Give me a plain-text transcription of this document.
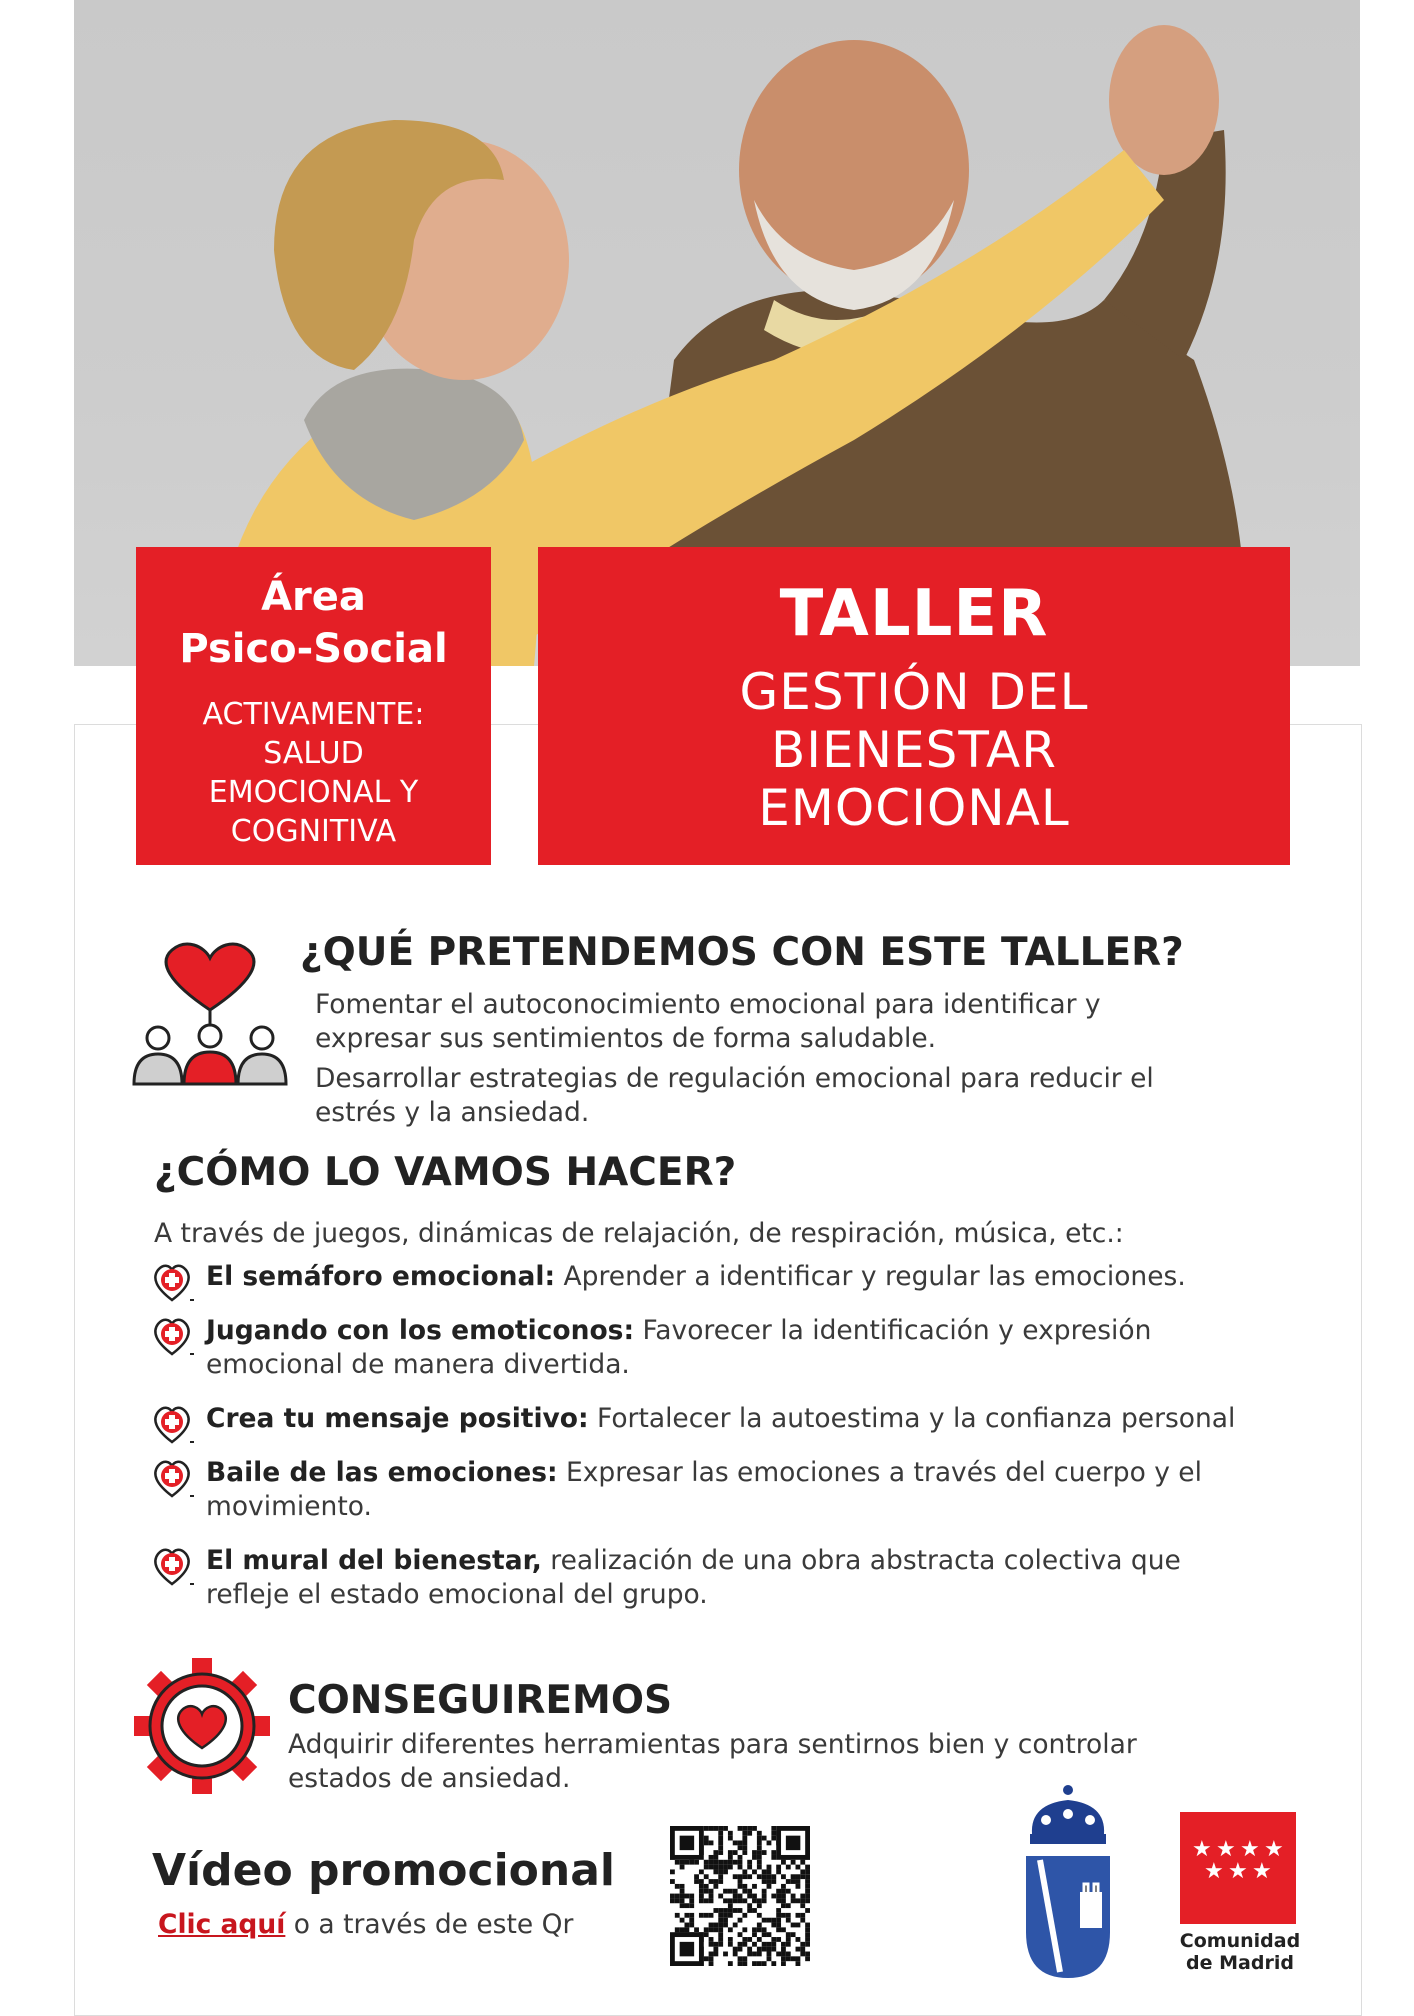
Área
Psico-Social
ACTIVAMENTE:
SALUD
EMOCIONAL Y
COGNITIVA
TALLER
GESTIÓN DEL
BIENESTAR
EMOCIONAL
¿QUÉ PRETENDEMOS CON ESTE TALLER?
Fomentar el autoconocimiento emocional para identificar y
expresar sus sentimientos de forma saludable.
Desarrollar estrategias de regulación emocional para reducir el
estrés y la ansiedad.
¿CÓMO LO VAMOS HACER?
A través de juegos, dinámicas de relajación, de respiración, música, etc.:
El semáforo emocional: Aprender a identificar y regular las emociones.
Jugando con los emoticonos: Favorecer la identificación y expresión
emocional de manera divertida.
Crea tu mensaje positivo: Fortalecer la autoestima y la confianza personal
Baile de las emociones: Expresar las emociones a través del cuerpo y el
movimiento.
El mural del bienestar, realización de una obra abstracta colectiva que
refleje el estado emocional del grupo.
CONSEGUIREMOS
Adquirir diferentes herramientas para sentirnos bien y controlar
estados de ansiedad.
Vídeo promocional
Clic aquí o a través de este Qr
★ ★ ★ ★
★ ★ ★
Comunidad
de Madrid
